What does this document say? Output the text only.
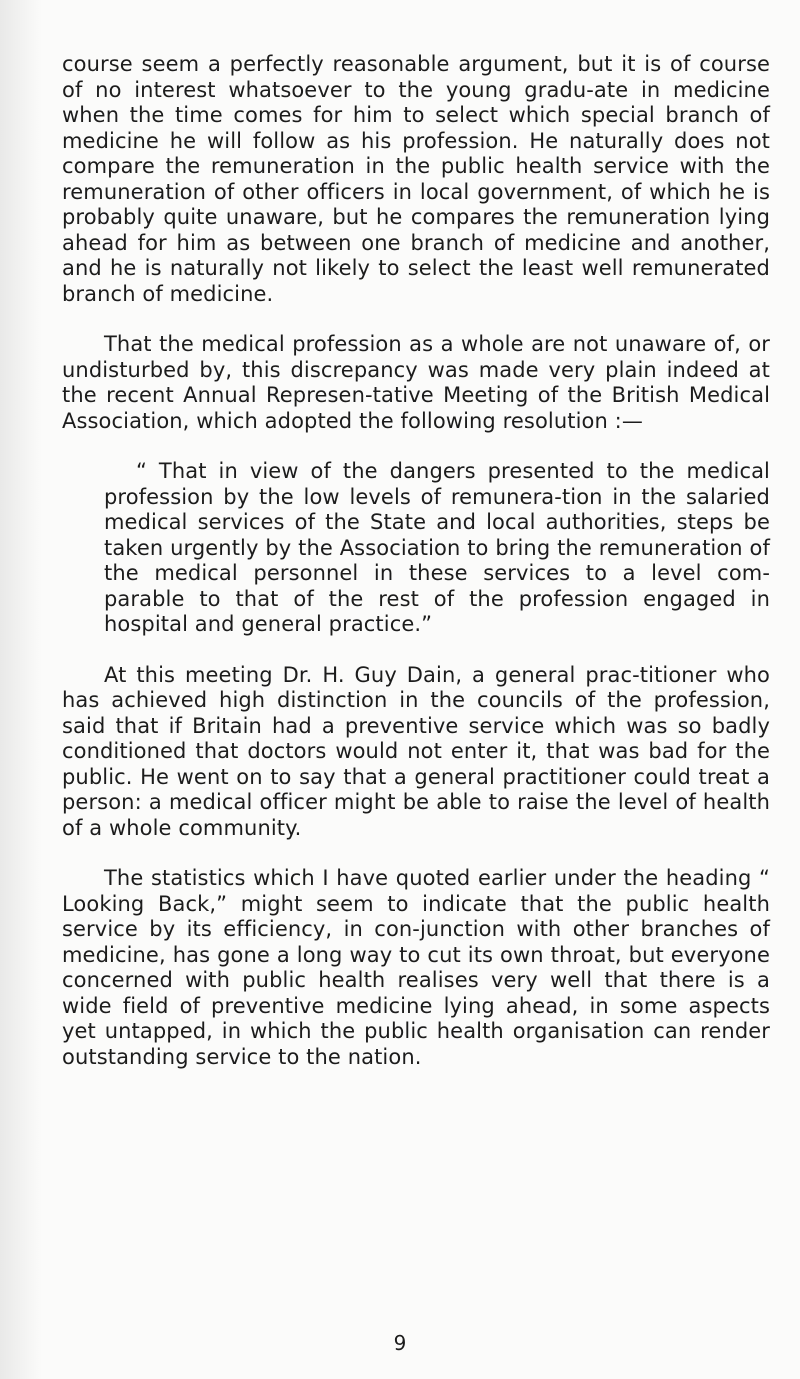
course seem a perfectly reasonable argument, but it is of course of no interest whatsoever to the young gradu-ate in medicine when the time comes for him to select which special branch of medicine he will follow as his profession. He naturally does not compare the remuneration in the public health service with the remuneration of other officers in local government, of which he is probably quite unaware, but he compares the remuneration lying ahead for him as between one branch of medicine and another, and he is naturally not likely to select the least well remunerated branch of medicine.

That the medical profession as a whole are not unaware of, or undisturbed by, this discrepancy was made very plain indeed at the recent Annual Represen-tative Meeting of the British Medical Association, which adopted the following resolution :—

“ That in view of the dangers presented to the medical profession by the low levels of remunera-tion in the salaried medical services of the State and local authorities, steps be taken urgently by the Association to bring the remuneration of the medical personnel in these services to a level com-parable to that of the rest of the profession engaged in hospital and general practice.”

At this meeting Dr. H. Guy Dain, a general prac-titioner who has achieved high distinction in the councils of the profession, said that if Britain had a preventive service which was so badly conditioned that doctors would not enter it, that was bad for the public. He went on to say that a general practitioner could treat a person: a medical officer might be able to raise the level of health of a whole community.

The statistics which I have quoted earlier under the heading “ Looking Back,” might seem to indicate that the public health service by its efficiency, in con-junction with other branches of medicine, has gone a long way to cut its own throat, but everyone concerned with public health realises very well that there is a wide field of preventive medicine lying ahead, in some aspects yet untapped, in which the public health organisation can render outstanding service to the nation.

9
